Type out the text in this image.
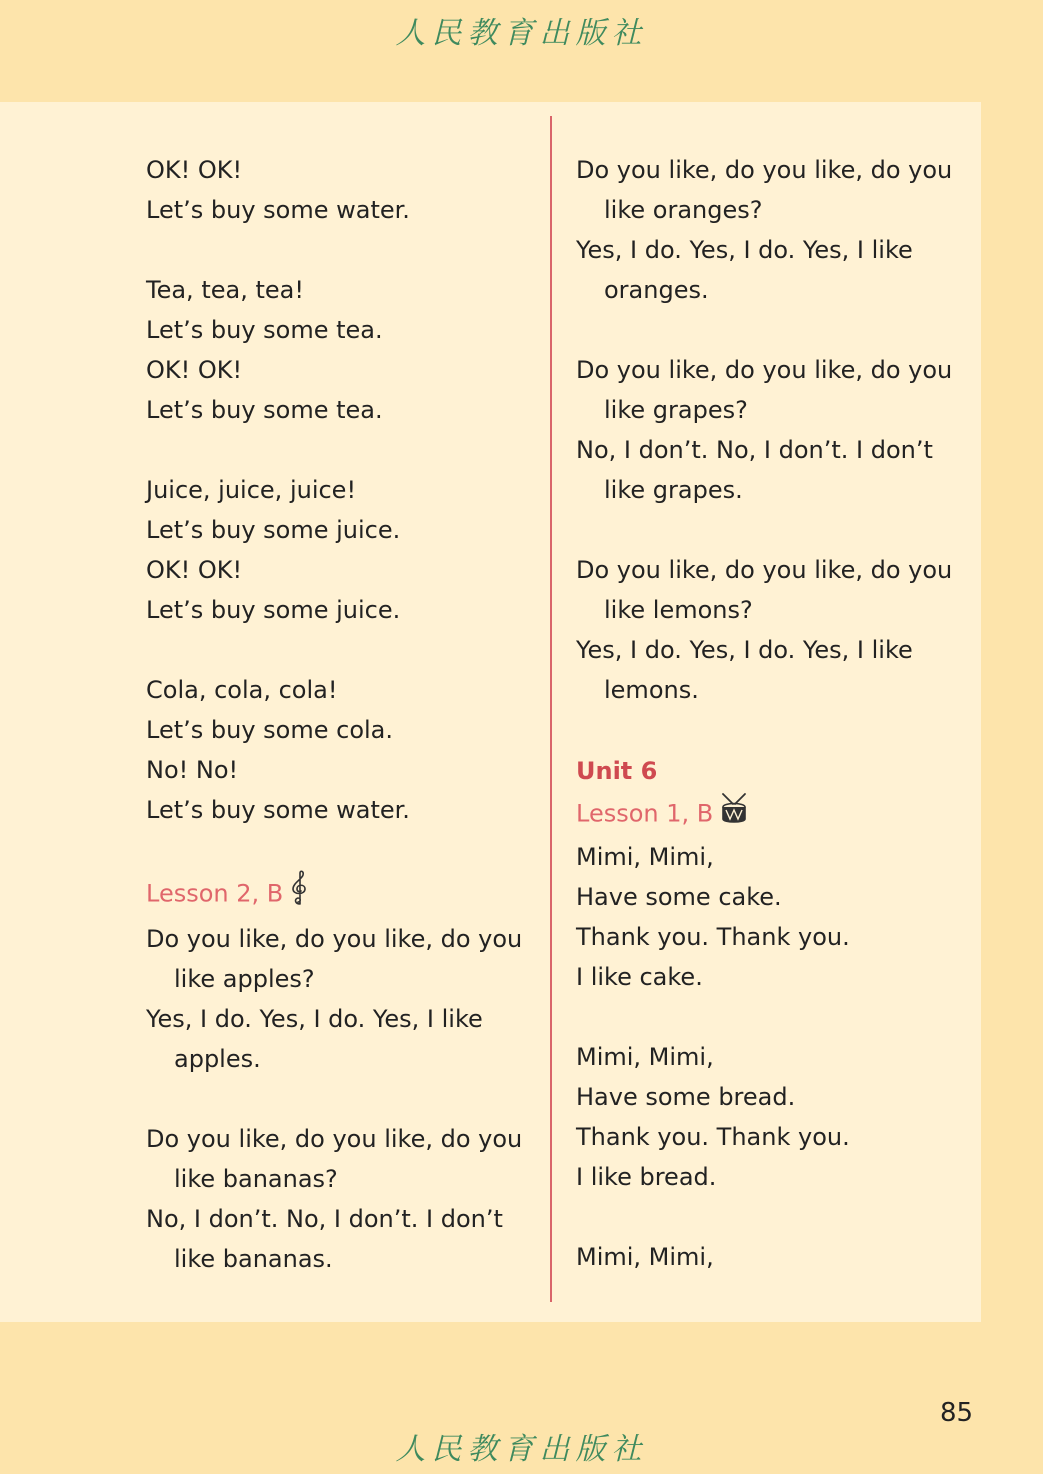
人民教育出版社
OK! OK!
Let’s buy some water.
Tea, tea, tea!
Let’s buy some tea.
OK! OK!
Let’s buy some tea.
Juice, juice, juice!
Let’s buy some juice.
OK! OK!
Let’s buy some juice.
Cola, cola, cola!
Let’s buy some cola.
No! No!
Let’s buy some water.
Lesson 2, B
Do you like, do you like, do you
like apples?
Yes, I do. Yes, I do. Yes, I like
apples.
Do you like, do you like, do you
like bananas?
No, I don’t. No, I don’t. I don’t
like bananas.
Do you like, do you like, do you
like oranges?
Yes, I do. Yes, I do. Yes, I like
oranges.
Do you like, do you like, do you
like grapes?
No, I don’t. No, I don’t. I don’t
like grapes.
Do you like, do you like, do you
like lemons?
Yes, I do. Yes, I do. Yes, I like
lemons.
Unit 6
Lesson 1, B
Mimi, Mimi,
Have some cake.
Thank you. Thank you.
I like cake.
Mimi, Mimi,
Have some bread.
Thank you. Thank you.
I like bread.
Mimi, Mimi,
85
人民教育出版社
